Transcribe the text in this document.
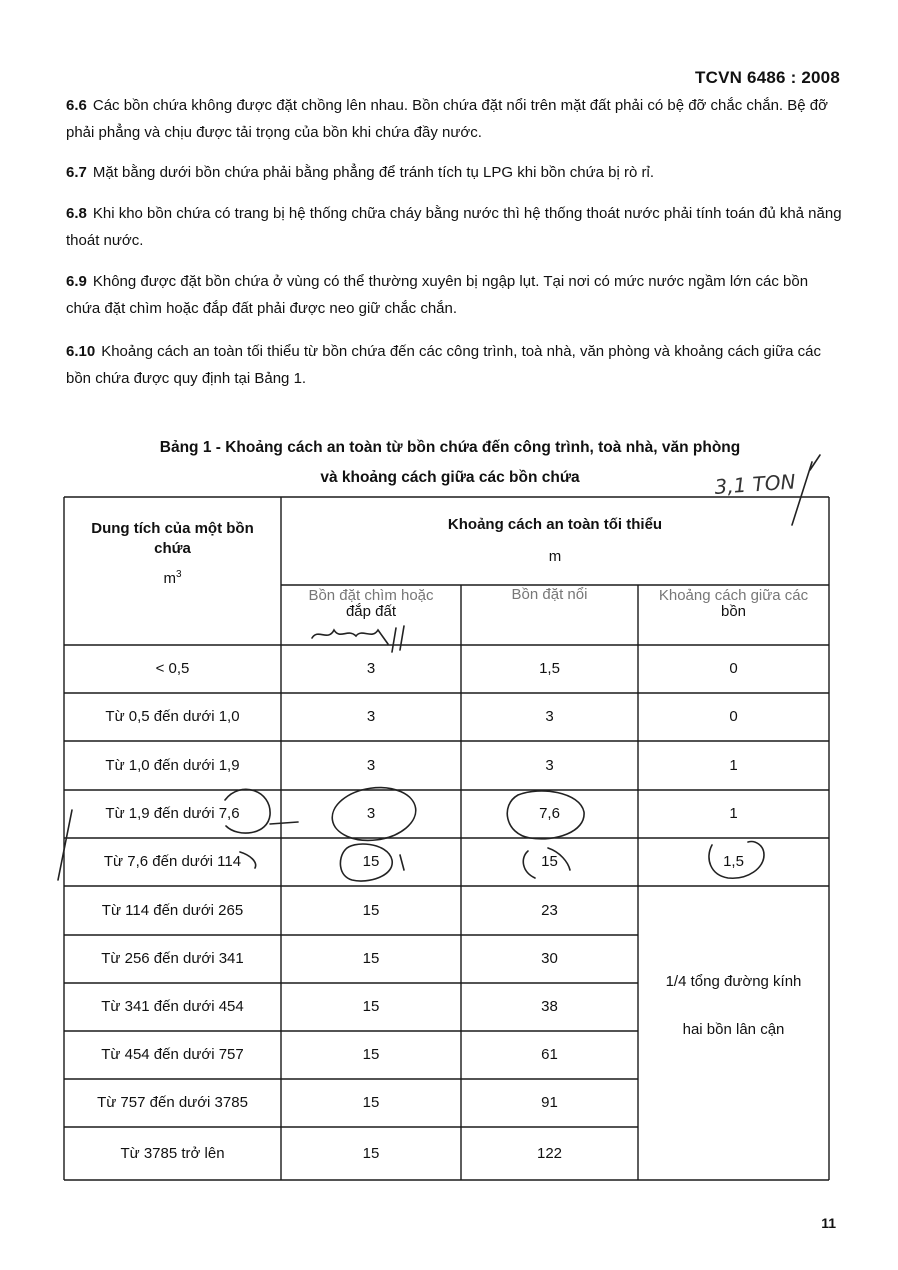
TCVN 6486 : 2008

6.6 Các bồn chứa không được đặt chồng lên nhau. Bồn chứa đặt nổi trên mặt đất phải có bệ đỡ chắc chắn. Bệ đỡ phải phẳng và chịu được tải trọng của bồn khi chứa đầy nước.

6.7 Mặt bằng dưới bồn chứa phải bằng phẳng để tránh tích tụ LPG khi bồn chứa bị rò rỉ.

6.8 Khi kho bồn chứa có trang bị hệ thống chữa cháy bằng nước thì hệ thống thoát nước phải tính toán đủ khả năng thoát nước.

6.9 Không được đặt bồn chứa ở vùng có thể thường xuyên bị ngập lụt. Tại nơi có mức nước ngầm lớn các bồn chứa đặt chìm hoặc đắp đất phải được neo giữ chắc chắn.

6.10 Khoảng cách an toàn tối thiểu từ bồn chứa đến các công trình, toà nhà, văn phòng và khoảng cách giữa các bồn chứa được quy định tại Bảng 1.

Bảng 1 - Khoảng cách an toàn từ bồn chứa đến công trình, toà nhà, văn phòng
và khoảng cách giữa các bồn chứa
Dung tích của một bồn chứa
$m^3$
Khoảng cách an toàn tối thiểu
m
Bồn đặt chìm hoặc
đắp đất
Bồn đặt nổi	Khoảng cách giữa các
bồn
< 0,5	3	1,5	0
Từ 0,5 đến dưới 1,0	3	3	0
Từ 1,0 đến dưới 1,9	3	3	1
Từ 1,9 đến dưới 7,6	3	7,6	1
Từ 7,6 đến dưới 114	15	15	1,5
Từ 114 đến dưới 265	15	23
Từ 256 đến dưới 341	15	30
Từ 341 đến dưới 454	15	38
Từ 454 đến dưới 757	15	61
Từ 757 đến dưới 3785	15	91
Từ 3785 trở lên	15	122
1/4 tổng đường kính
hai bồn lân cận
3,1 TON
11
